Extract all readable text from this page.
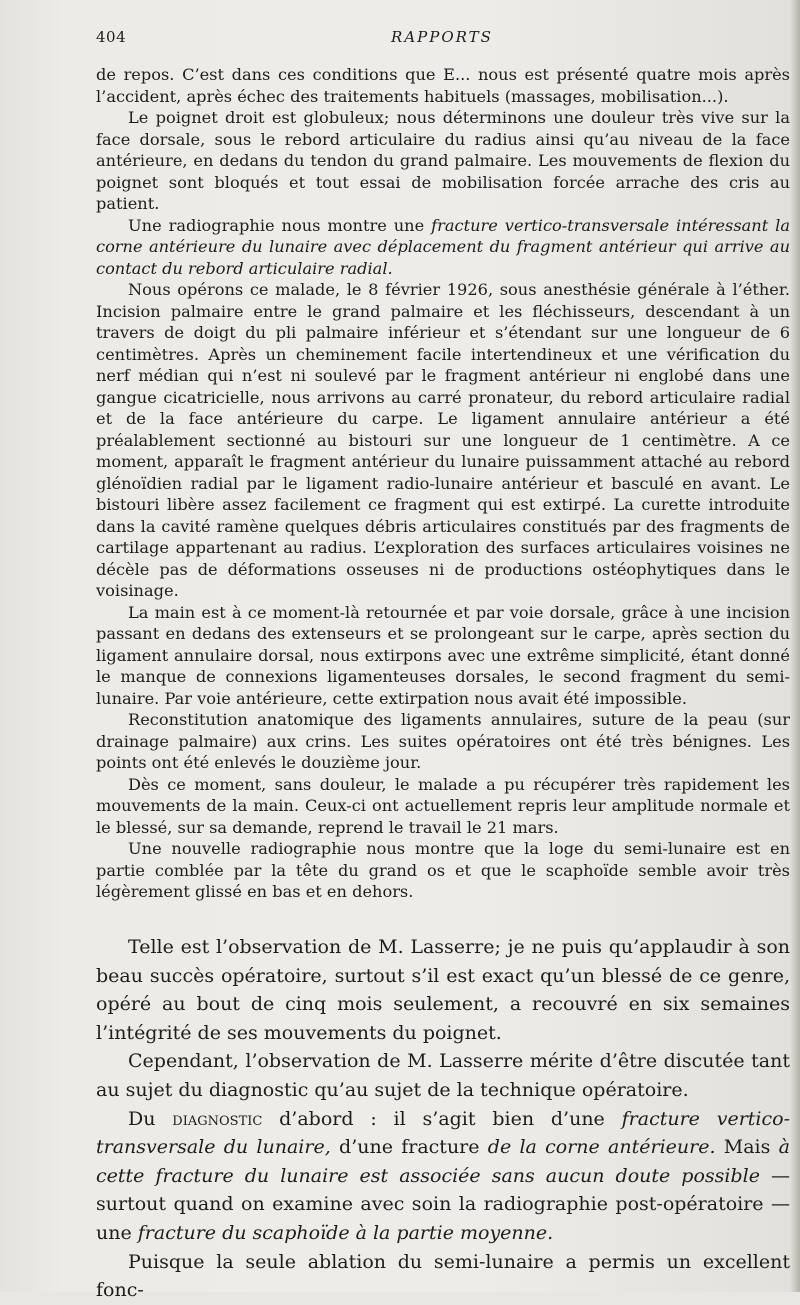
404	RAPPORTS

de repos. C’est dans ces conditions que E... nous est présenté quatre mois après l’accident, après échec des traitements habituels (massages, mobilisation...).

Le poignet droit est globuleux; nous déterminons une douleur très vive sur la face dorsale, sous le rebord articulaire du radius ainsi qu’au niveau de la face antérieure, en dedans du tendon du grand palmaire. Les mouvements de flexion du poignet sont bloqués et tout essai de mobilisation forcée arrache des cris au patient.

Une radiographie nous montre une fracture vertico-transversale intéressant la corne antérieure du lunaire avec déplacement du fragment antérieur qui arrive au contact du rebord articulaire radial.

Nous opérons ce malade, le 8 février 1926, sous anesthésie générale à l’éther. Incision palmaire entre le grand palmaire et les fléchisseurs, descendant à un travers de doigt du pli palmaire inférieur et s’étendant sur une longueur de 6 centimètres. Après un cheminement facile intertendineux et une vérification du nerf médian qui n’est ni soulevé par le fragment antérieur ni englobé dans une gangue cicatricielle, nous arrivons au carré pronateur, du rebord articulaire radial et de la face antérieure du carpe. Le ligament annulaire antérieur a été préalablement sectionné au bistouri sur une longueur de 1 centimètre. A ce moment, apparaît le fragment antérieur du lunaire puissamment attaché au rebord glénoïdien radial par le ligament radio-lunaire antérieur et basculé en avant. Le bistouri libère assez facilement ce fragment qui est extirpé. La curette introduite dans la cavité ramène quelques débris articulaires constitués par des fragments de cartilage appartenant au radius. L’exploration des surfaces articulaires voisines ne décèle pas de déformations osseuses ni de productions ostéophytiques dans le voisinage.

La main est à ce moment-là retournée et par voie dorsale, grâce à une incision passant en dedans des extenseurs et se prolongeant sur le carpe, après section du ligament annulaire dorsal, nous extirpons avec une extrême simplicité, étant donné le manque de connexions ligamenteuses dorsales, le second fragment du semi-lunaire. Par voie antérieure, cette extirpation nous avait été impossible.

Reconstitution anatomique des ligaments annulaires, suture de la peau (sur drainage palmaire) aux crins. Les suites opératoires ont été très bénignes. Les points ont été enlevés le douzième jour.

Dès ce moment, sans douleur, le malade a pu récupérer très rapidement les mouvements de la main. Ceux-ci ont actuellement repris leur amplitude normale et le blessé, sur sa demande, reprend le travail le 21 mars.

Une nouvelle radiographie nous montre que la loge du semi-lunaire est en partie comblée par la tête du grand os et que le scaphoïde semble avoir très légèrement glissé en bas et en dehors.

Telle est l’observation de M. Lasserre; je ne puis qu’applaudir à son beau succès opératoire, surtout s’il est exact qu’un blessé de ce genre, opéré au bout de cinq mois seulement, a recouvré en six semaines l’intégrité de ses mouvements du poignet.

Cependant, l’observation de M. Lasserre mérite d’être discutée tant au sujet du diagnostic qu’au sujet de la technique opératoire.

Du diagnostic d’abord : il s’agit bien d’une fracture vertico-transversale du lunaire, d’une fracture de la corne antérieure. Mais à cette fracture du lunaire est associée sans aucun doute possible — surtout quand on examine avec soin la radiographie post-opératoire — une fracture du scaphoïde à la partie moyenne.

Puisque la seule ablation du semi-lunaire a permis un excellent fonc-
